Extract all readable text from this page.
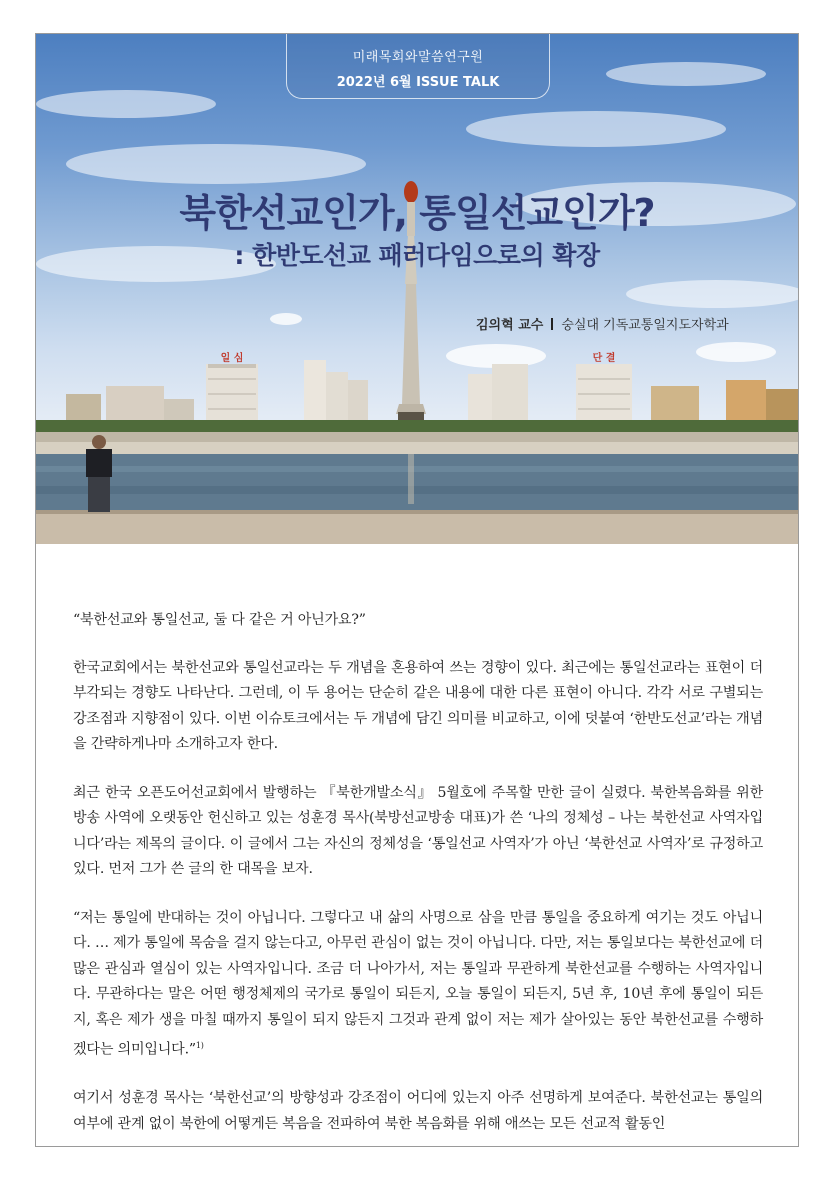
일 심	단 결
미래목회와말씀연구원
2022년 6월 ISSUE TALK
북한선교인가, 통일선교인가?
: 한반도선교 패러다임으로의 확장
김의혁 교수 숭실대 기독교통일지도자학과

“북한선교와 통일선교, 둘 다 같은 거 아닌가요?”

한국교회에서는 북한선교와 통일선교라는 두 개념을 혼용하여 쓰는 경향이 있다. 최근에는 통일선교라는 표현이 더 부각되는 경향도 나타난다. 그런데, 이 두 용어는 단순히 같은 내용에 대한 다른 표현이 아니다. 각각 서로 구별되는 강조점과 지향점이 있다. 이번 이슈토크에서는 두 개념에 담긴 의미를 비교하고, 이에 덧붙여 ‘한반도선교’라는 개념을 간략하게나마 소개하고자 한다.

최근 한국 오픈도어선교회에서 발행하는 『북한개발소식』 5월호에 주목할 만한 글이 실렸다. 북한복음화를 위한 방송 사역에 오랫동안 헌신하고 있는 성훈경 목사(북방선교방송 대표)가 쓴 ‘나의 정체성 – 나는 북한선교 사역자입니다’라는 제목의 글이다. 이 글에서 그는 자신의 정체성을 ‘통일선교 사역자’가 아닌 ‘북한선교 사역자’로 규정하고 있다. 먼저 그가 쓴 글의 한 대목을 보자.

“저는 통일에 반대하는 것이 아닙니다. 그렇다고 내 삶의 사명으로 삼을 만큼 통일을 중요하게 여기는 것도 아닙니다. … 제가 통일에 목숨을 걸지 않는다고, 아무런 관심이 없는 것이 아닙니다. 다만, 저는 통일보다는 북한선교에 더 많은 관심과 열심이 있는 사역자입니다. 조금 더 나아가서, 저는 통일과 무관하게 북한선교를 수행하는 사역자입니다. 무관하다는 말은 어떤 행정체제의 국가로 통일이 되든지, 오늘 통일이 되든지, 5년 후, 10년 후에 통일이 되든지, 혹은 제가 생을 마칠 때까지 통일이 되지 않든지 그것과 관계 없이 저는 제가 살아있는 동안 북한선교를 수행하겠다는 의미입니다.”$^{1)}$

여기서 성훈경 목사는 ‘북한선교’의 방향성과 강조점이 어디에 있는지 아주 선명하게 보여준다. 북한선교는 통일의 여부에 관계 없이 북한에 어떻게든 복음을 전파하여 북한 복음화를 위해 애쓰는 모든 선교적 활동인
